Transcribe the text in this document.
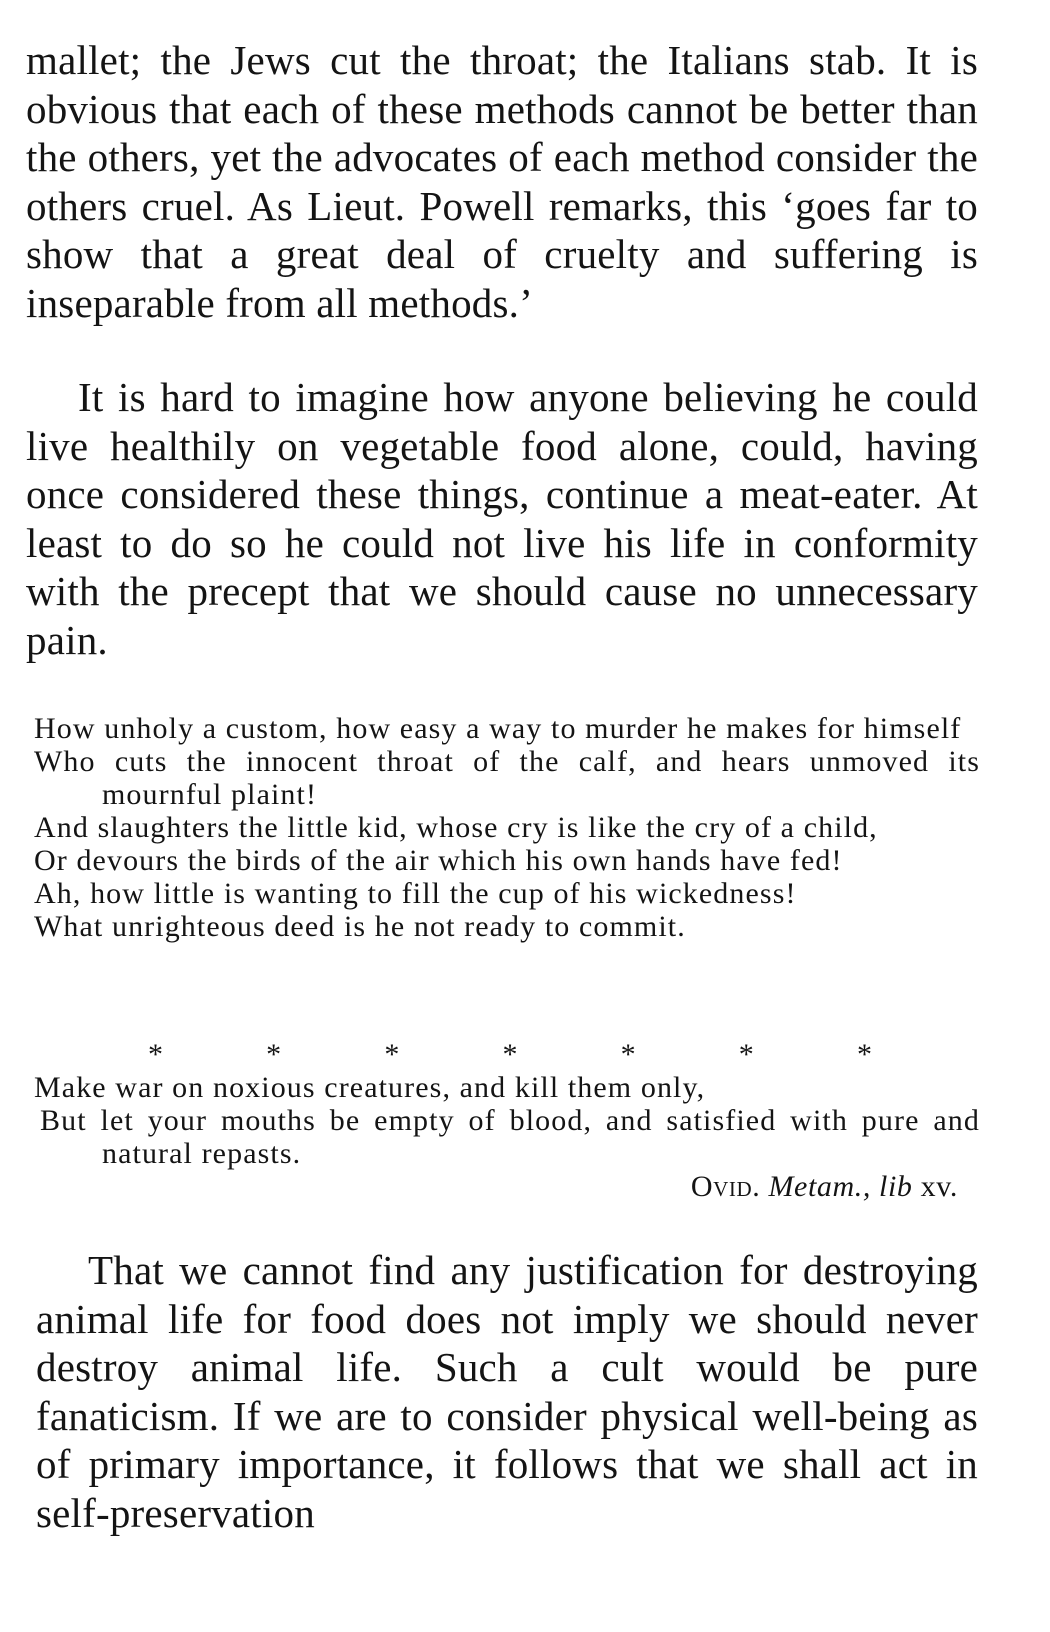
mallet; the Jews cut the throat; the Italians stab. It is obvious that each of these methods cannot be better than the others, yet the advocates of each method consider the others cruel. As Lieut. Powell remarks, this ‘goes far to show that a great deal of cruelty and suffering is inseparable from all methods.’

It is hard to imagine how anyone believing he could live healthily on vegetable food alone, could, having once considered these things, continue a meat-eater. At least to do so he could not live his life in conformity with the precept that we should cause no unnecessary pain.

How unholy a custom, how easy a way to murder he makes for himself

Who cuts the innocent throat of the calf, and hears unmoved its mournful plaint!

And slaughters the little kid, whose cry is like the cry of a child,

Or devours the birds of the air which his own hands have fed!

Ah, how little is wanting to fill the cup of his wickedness!

What unrighteous deed is he not ready to commit.

*	*	*	*	*	*	*

Make war on noxious creatures, and kill them only,

But let your mouths be empty of blood, and satisfied with pure and natural repasts.

Ovid. Metam., lib xv.

That we cannot find any justification for destroying animal life for food does not imply we should never destroy animal life. Such a cult would be pure fanaticism. If we are to consider physical well-being as of primary importance, it follows that we shall act in self-preservation
